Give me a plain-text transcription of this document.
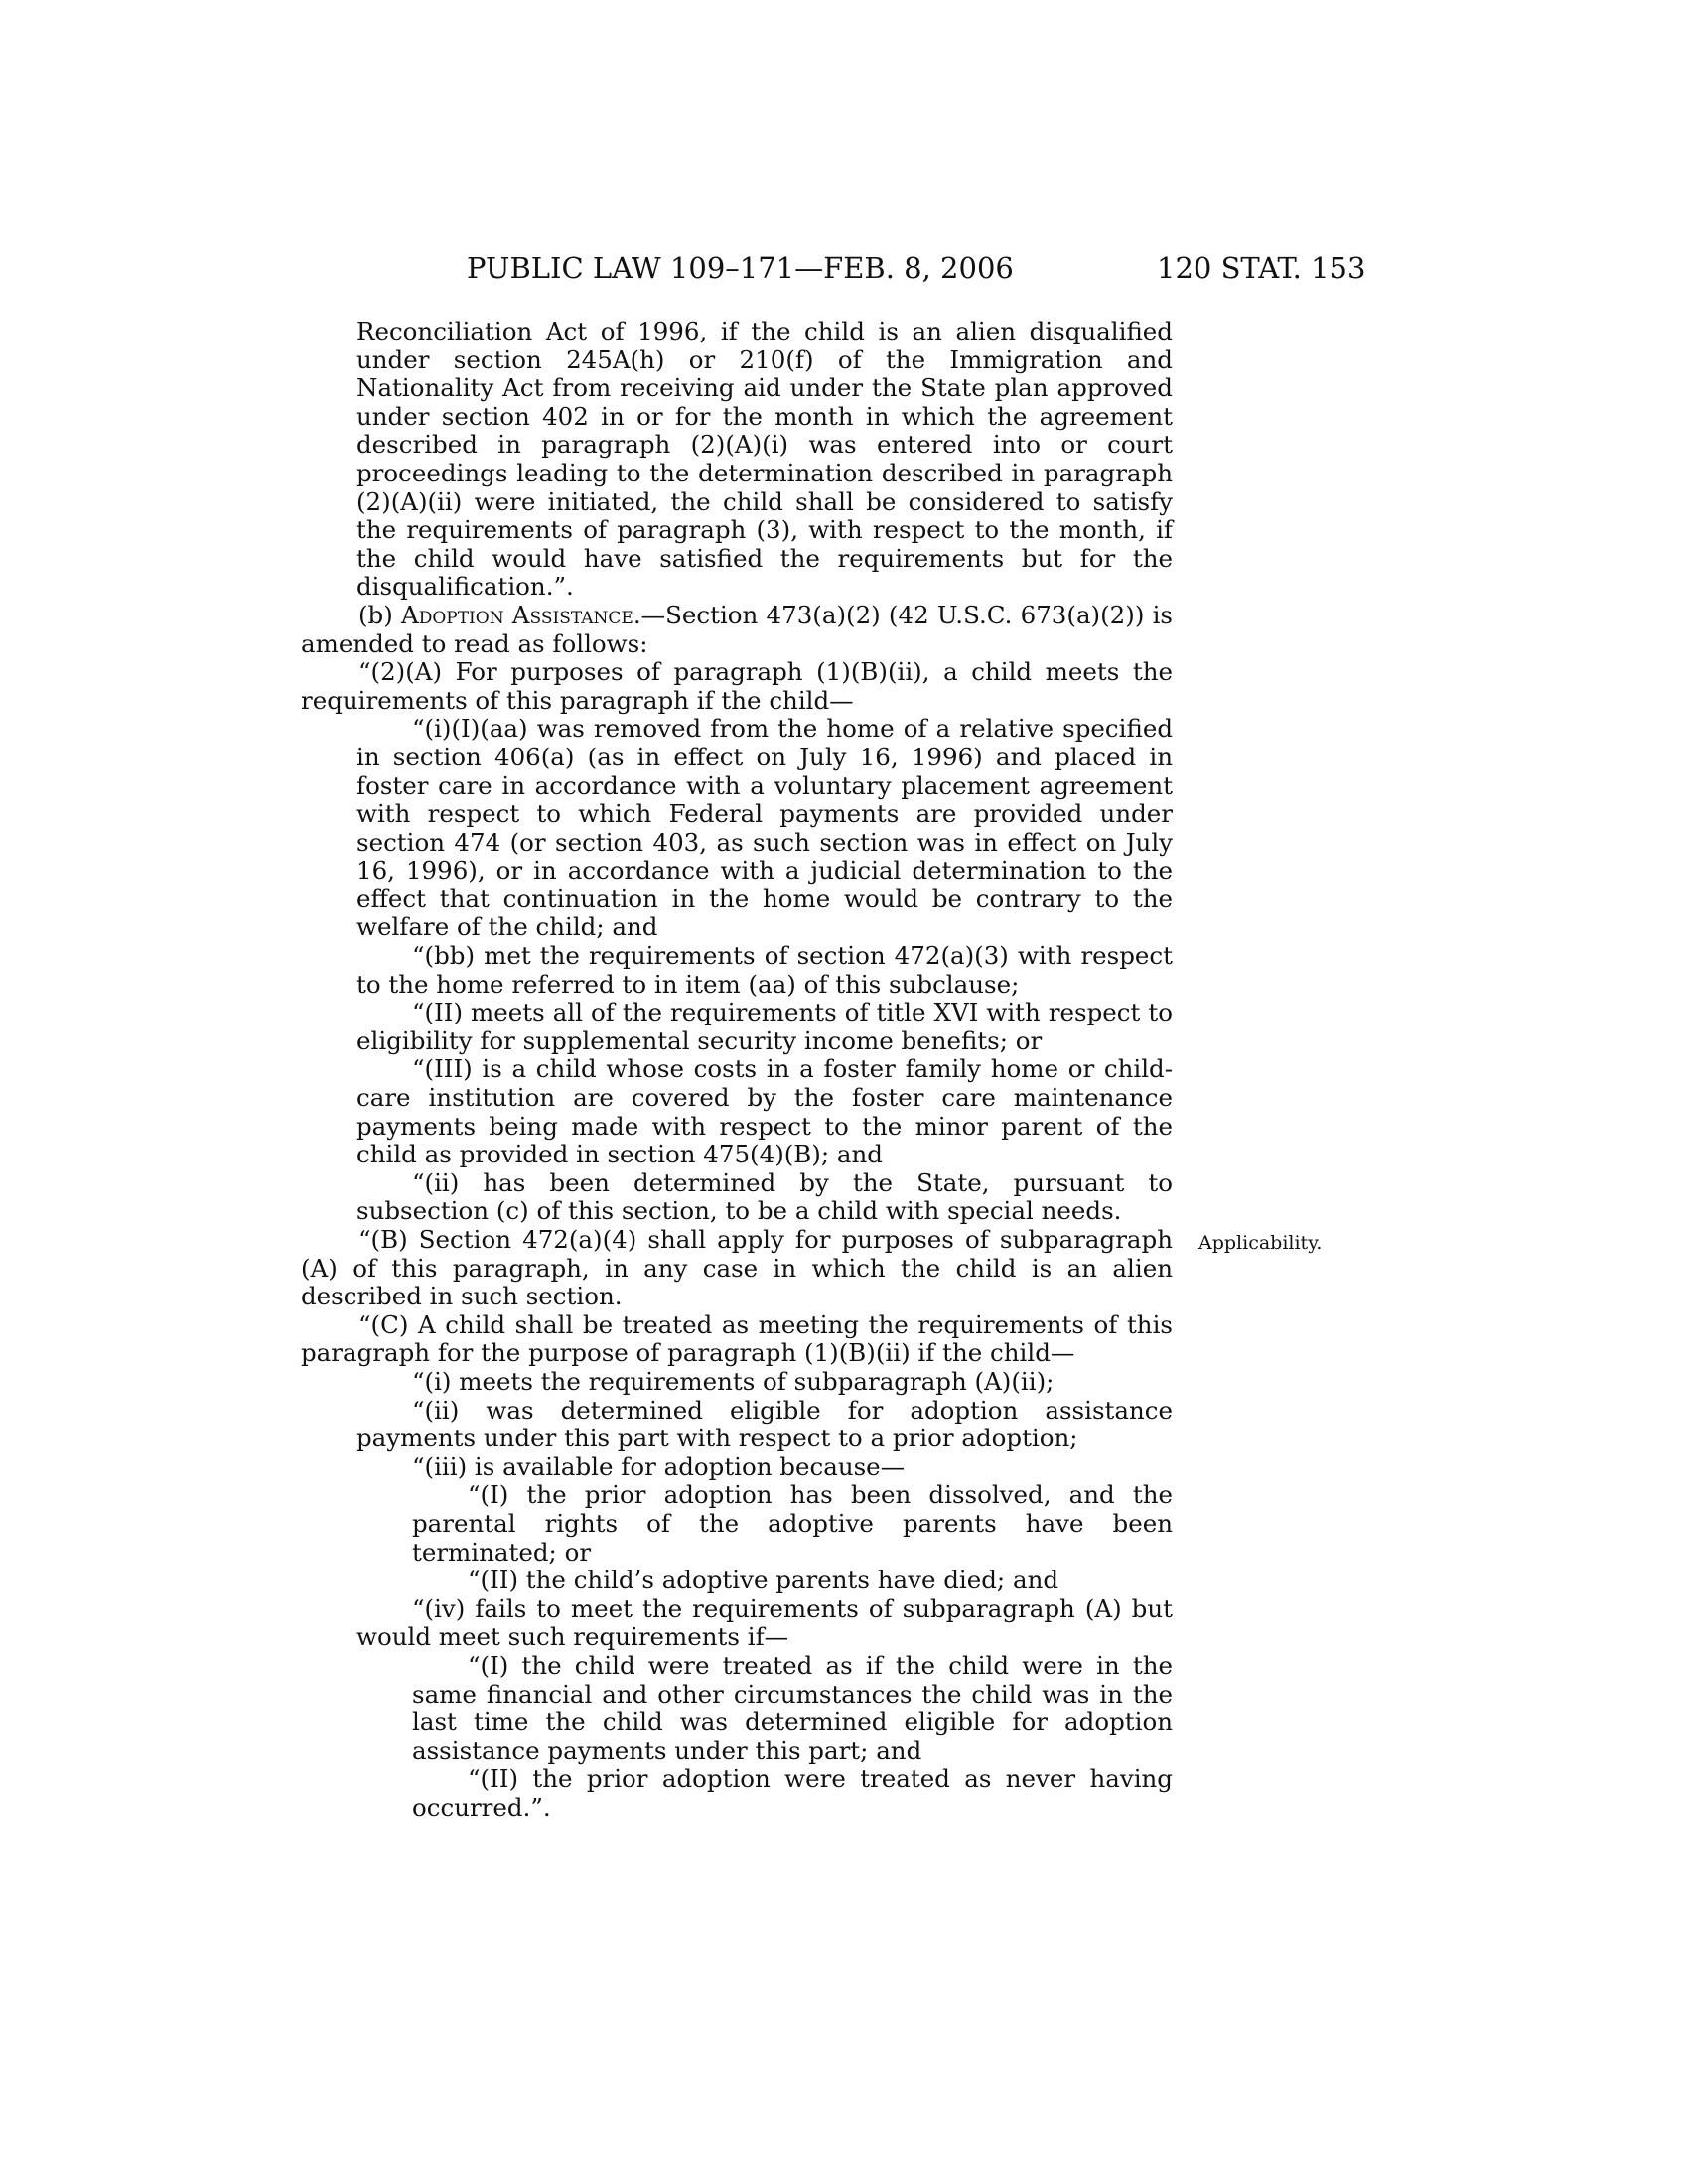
PUBLIC LAW 109–171—FEB. 8, 2006	120 STAT. 153

Reconciliation Act of 1996, if the child is an alien disqualified under section 245A(h) or 210(f) of the Immigration and Nationality Act from receiving aid under the State plan approved under section 402 in or for the month in which the agreement described in paragraph (2)(A)(i) was entered into or court proceedings leading to the determination described in paragraph (2)(A)(ii) were initiated, the child shall be considered to satisfy the requirements of paragraph (3), with respect to the month, if the child would have satisfied the requirements but for the disqualification.”.

(b) Adoption Assistance.—Section 473(a)(2) (42 U.S.C. 673(a)(2)) is amended to read as follows:

“(2)(A) For purposes of paragraph (1)(B)(ii), a child meets the requirements of this paragraph if the child—

“(i)(I)(aa) was removed from the home of a relative specified in section 406(a) (as in effect on July 16, 1996) and placed in foster care in accordance with a voluntary placement agreement with respect to which Federal payments are provided under section 474 (or section 403, as such section was in effect on July 16, 1996), or in accordance with a judicial determination to the effect that continuation in the home would be contrary to the welfare of the child; and

“(bb) met the requirements of section 472(a)(3) with respect to the home referred to in item (aa) of this subclause;

“(II) meets all of the requirements of title XVI with respect to eligibility for supplemental security income benefits; or

“(III) is a child whose costs in a foster family home or child-care institution are covered by the foster care maintenance payments being made with respect to the minor parent of the child as provided in section 475(4)(B); and

“(ii) has been determined by the State, pursuant to subsection (c) of this section, to be a child with special needs.

“(B) Section 472(a)(4) shall apply for purposes of subparagraph (A) of this paragraph, in any case in which the child is an alien described in such section.

“(C) A child shall be treated as meeting the requirements of this paragraph for the purpose of paragraph (1)(B)(ii) if the child—

“(i) meets the requirements of subparagraph (A)(ii);

“(ii) was determined eligible for adoption assistance payments under this part with respect to a prior adoption;

“(iii) is available for adoption because—

“(I) the prior adoption has been dissolved, and the parental rights of the adoptive parents have been terminated; or

“(II) the child’s adoptive parents have died; and

“(iv) fails to meet the requirements of subparagraph (A) but would meet such requirements if—

“(I) the child were treated as if the child were in the same financial and other circumstances the child was in the last time the child was determined eligible for adoption assistance payments under this part; and

“(II) the prior adoption were treated as never having occurred.”.

Applicability.
